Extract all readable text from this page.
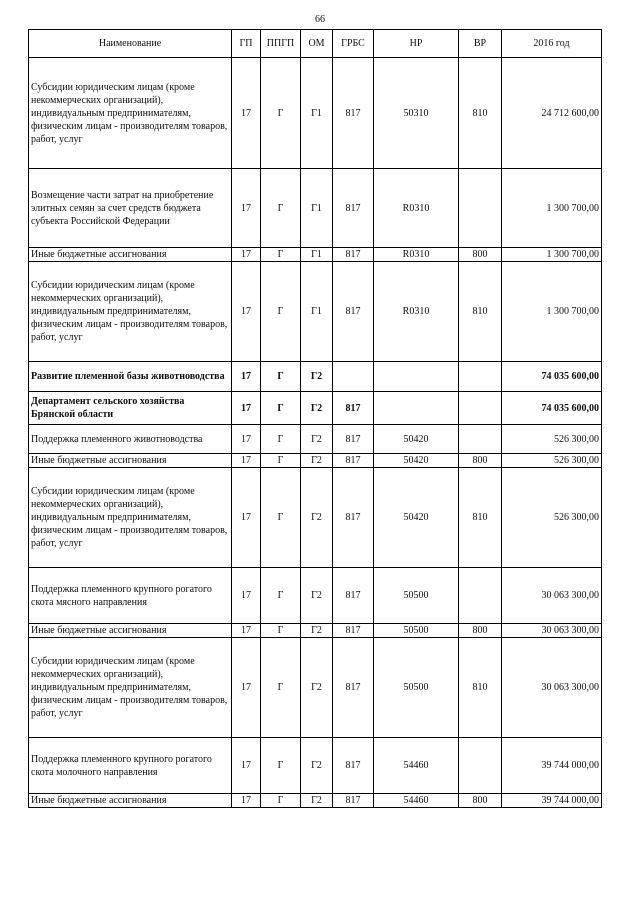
66
Наименование	ГП	ППГП	ОМ	ГРБС	НР	ВР	2016 год
Субсидии юридическим лицам (кроме некоммерческих организаций), индивидуальным предпринимателям, физическим лицам - производителям товаров, работ, услуг	17	Г	Г1	817	50310	810	24 712 600,00
Возмещение части затрат на приобретение элитных семян за счет средств бюджета субъекта Российской Федерации	17	Г	Г1	817	R0310		1 300 700,00
Иные бюджетные ассигнования	17	Г	Г1	817	R0310	800	1 300 700,00
Субсидии юридическим лицам (кроме некоммерческих организаций), индивидуальным предпринимателям, физическим лицам - производителям товаров, работ, услуг	17	Г	Г1	817	R0310	810	1 300 700,00
Развитие племенной базы животноводства	17	Г	Г2				74 035 600,00
Департамент сельского хозяйства Брянской области	17	Г	Г2	817			74 035 600,00
Поддержка племенного животноводства	17	Г	Г2	817	50420		526 300,00
Иные бюджетные ассигнования	17	Г	Г2	817	50420	800	526 300,00
Субсидии юридическим лицам (кроме некоммерческих организаций), индивидуальным предпринимателям, физическим лицам - производителям товаров, работ, услуг	17	Г	Г2	817	50420	810	526 300,00
Поддержка племенного крупного рогатого скота мясного направления	17	Г	Г2	817	50500		30 063 300,00
Иные бюджетные ассигнования	17	Г	Г2	817	50500	800	30 063 300,00
Субсидии юридическим лицам (кроме некоммерческих организаций), индивидуальным предпринимателям, физическим лицам - производителям товаров, работ, услуг	17	Г	Г2	817	50500	810	30 063 300,00
Поддержка племенного крупного рогатого скота молочного направления	17	Г	Г2	817	54460		39 744 000,00
Иные бюджетные ассигнования	17	Г	Г2	817	54460	800	39 744 000,00
